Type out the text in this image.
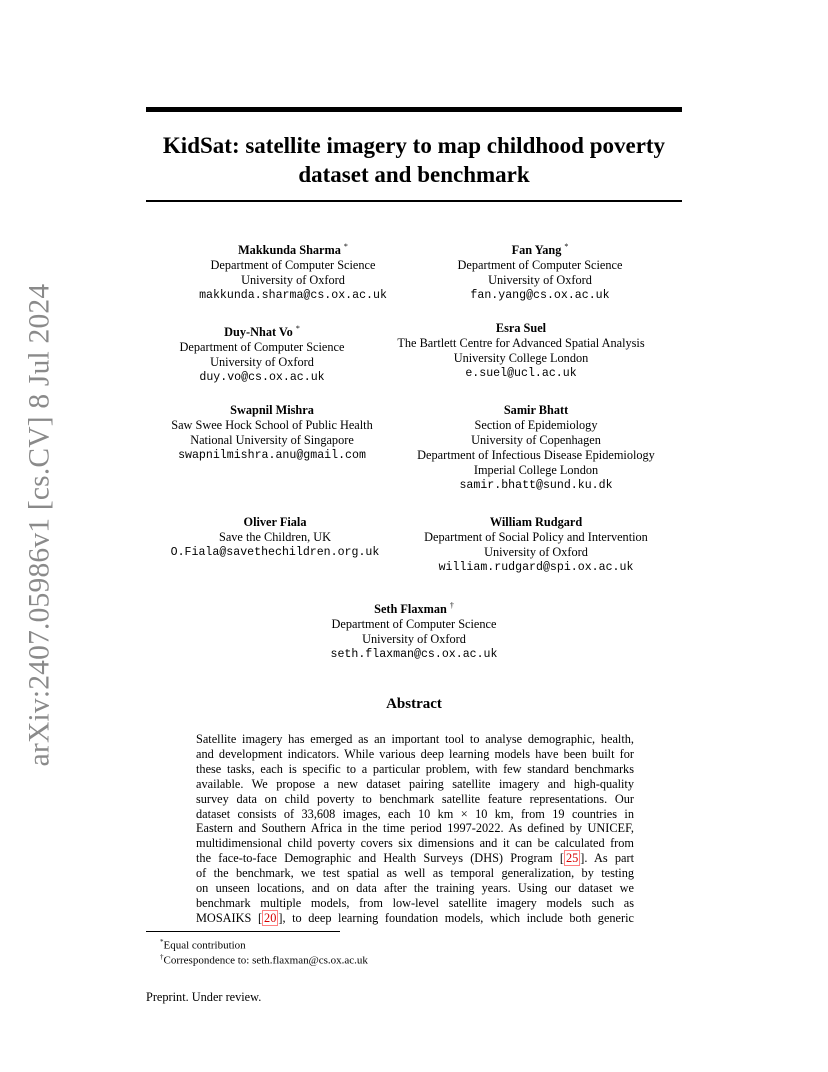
KidSat: satellite imagery to map childhood poverty
dataset and benchmark
arXiv:2407.05986v1 [cs.CV] 8 Jul 2024
Makkunda Sharma *
Department of Computer Science
University of Oxford
makkunda.sharma@cs.ox.ac.uk
Fan Yang *
Department of Computer Science
University of Oxford
fan.yang@cs.ox.ac.uk
Duy-Nhat Vo *
Department of Computer Science
University of Oxford
duy.vo@cs.ox.ac.uk
Esra Suel
The Bartlett Centre for Advanced Spatial Analysis
University College London
e.suel@ucl.ac.uk
Swapnil Mishra
Saw Swee Hock School of Public Health
National University of Singapore
swapnilmishra.anu@gmail.com
Samir Bhatt
Section of Epidemiology
University of Copenhagen
Department of Infectious Disease Epidemiology
Imperial College London
samir.bhatt@sund.ku.dk
Oliver Fiala
Save the Children, UK
O.Fiala@savethechildren.org.uk
William Rudgard
Department of Social Policy and Intervention
University of Oxford
william.rudgard@spi.ox.ac.uk
Seth Flaxman †
Department of Computer Science
University of Oxford
seth.flaxman@cs.ox.ac.uk
Abstract
Satellite imagery has emerged as an important tool to analyse demographic, health,
and development indicators. While various deep learning models have been built for
these tasks, each is specific to a particular problem, with few standard benchmarks
available. We propose a new dataset pairing satellite imagery and high-quality
survey data on child poverty to benchmark satellite feature representations. Our
dataset consists of 33,608 images, each 10 km × 10 km, from 19 countries in
Eastern and Southern Africa in the time period 1997-2022. As defined by UNICEF,
multidimensional child poverty covers six dimensions and it can be calculated from
the face-to-face Demographic and Health Surveys (DHS) Program [ 25 ]. As part
of the benchmark, we test spatial as well as temporal generalization, by testing
on unseen locations, and on data after the training years. Using our dataset we
benchmark multiple models, from low-level satellite imagery models such as
MOSAIKS [ 20 ], to deep learning foundation models, which include both generic
*Equal contribution
†Correspondence to: seth.flaxman@cs.ox.ac.uk
Preprint. Under review.
